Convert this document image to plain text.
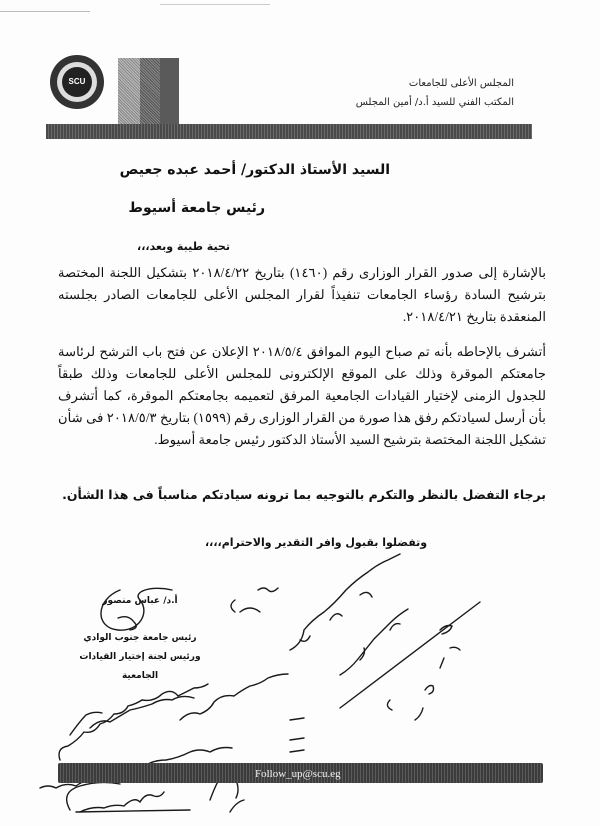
SCU	المجلس الأعلى للجامعات
المكتب الفني للسيد أ.د/ أمين المجلس
السيد الأستاذ الدكتور/ أحمد عبده جعيص
رئيس جامعة أسيوط
تحية طيبة وبعد،،،
بالإشارة إلى صدور القرار الوزارى رقم (١٤٦٠) بتاريخ ٢٠١٨/٤/٢٢ بتشكيل اللجنة المختصة بترشيح السادة رؤساء الجامعات تنفيذاً لقرار المجلس الأعلى للجامعات الصادر بجلسته المنعقدة بتاريخ ٢٠١٨/٤/٢١.
أتشرف بالإحاطه بأنه تم صباح اليوم الموافق ٢٠١٨/٥/٤ الإعلان عن فتح باب الترشح لرئاسة جامعتكم الموقرة وذلك على الموقع الإلكترونى للمجلس الأعلى للجامعات وذلك طبقاً للجدول الزمنى لإختيار القيادات الجامعية المرفق لتعميمه بجامعتكم الموقرة، كما أتشرف بأن أرسل لسيادتكم رفق هذا صورة من القرار الوزارى رقم (١٥٩٩) بتاريخ ٢٠١٨/٥/٣ فى شأن تشكيل اللجنة المختصة بترشيح السيد الأستاذ الدكتور رئيس جامعة أسيوط.
برجاء التفضل بالنظر والتكرم بالتوجيه بما ترونه سيادتكم مناسباً فى هذا الشأن.
وتفضلوا بقبول وافر التقدير والاحترام،،،،
أ.د/ عباس منصور
رئيس جامعة جنوب الوادي
ورئيس لجنة إختيار القيادات الجامعية
Follow_up@scu.eg
